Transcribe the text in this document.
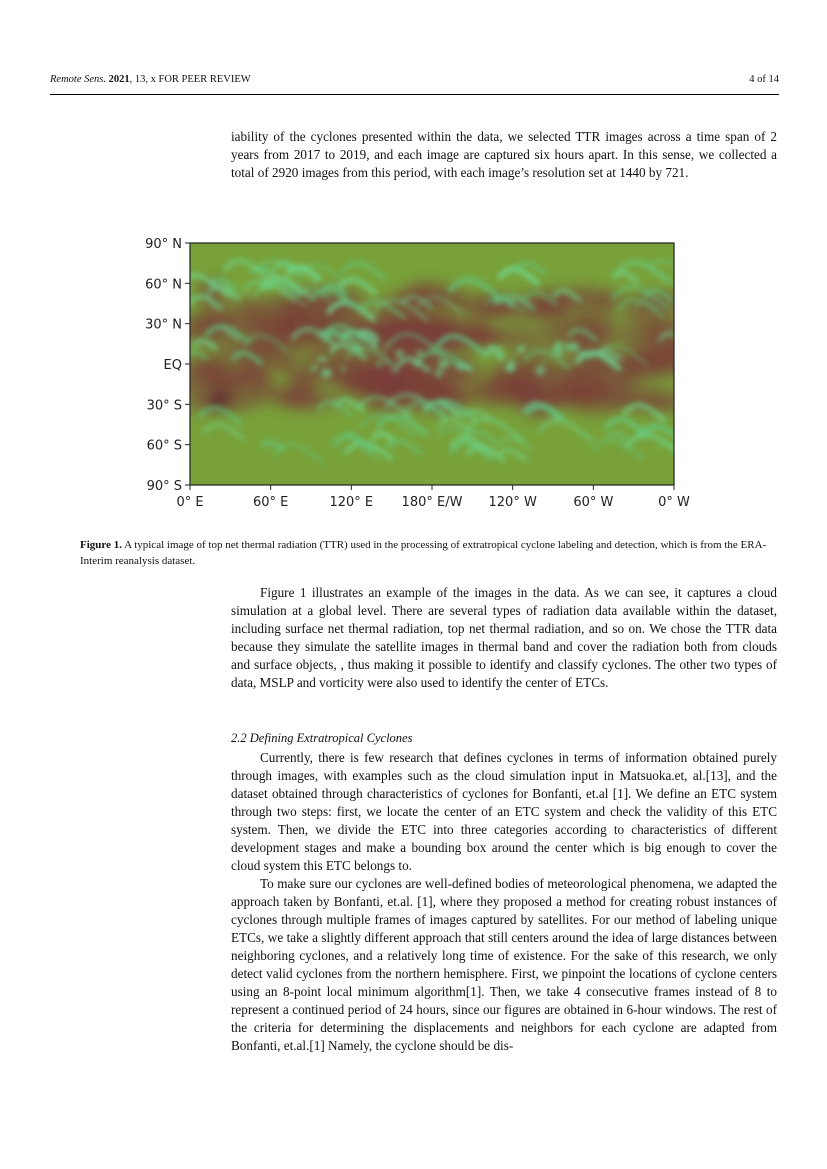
Remote Sens. 2021, 13, x FOR PEER REVIEW	4 of 14

iability of the cyclones presented within the data, we selected TTR images across a time span of 2 years from 2017 to 2019, and each image are captured six hours apart. In this sense, we collected a total of 2920 images from this period, with each image’s resolution set at 1440 by 721.

90° N
60° N
30° N
EQ
30° S
60° S
90° S
0° E	60° E	120° E 180° E/W 120° W	60° W	0° W
Figure 1. A typical image of top net thermal radiation (TTR) used in the processing of extratropical cyclone labeling and detection, which is from the ERA-Interim reanalysis dataset.

Figure 1 illustrates an example of the images in the data. As we can see, it captures a cloud simulation at a global level. There are several types of radiation data available within the dataset, including surface net thermal radiation, top net thermal radiation, and so on. We chose the TTR data because they simulate the satellite images in thermal band and cover the radiation both from clouds and surface objects, , thus making it possible to identify and classify cyclones. The other two types of data, MSLP and vorticity were also used to identify the center of ETCs.

2.2 Defining Extratropical Cyclones

Currently, there is few research that defines cyclones in terms of information obtained purely through images, with examples such as the cloud simulation input in Matsuoka.et, al.[13], and the dataset obtained through characteristics of cyclones for Bonfanti, et.al [1]. We define an ETC system through two steps: first, we locate the center of an ETC system and check the validity of this ETC system. Then, we divide the ETC into three categories according to characteristics of different development stages and make a bounding box around the center which is big enough to cover the cloud system this ETC belongs to.

To make sure our cyclones are well-defined bodies of meteorological phenomena, we adapted the approach taken by Bonfanti, et.al. [1], where they proposed a method for creating robust instances of cyclones through multiple frames of images captured by satellites. For our method of labeling unique ETCs, we take a slightly different approach that still centers around the idea of large distances between neighboring cyclones, and a relatively long time of existence. For the sake of this research, we only detect valid cyclones from the northern hemisphere. First, we pinpoint the locations of cyclone centers using an 8-point local minimum algorithm[1]. Then, we take 4 consecutive frames instead of 8 to represent a continued period of 24 hours, since our figures are obtained in 6-hour windows. The rest of the criteria for determining the displacements and neighbors for each cyclone are adapted from Bonfanti, et.al.[1] Namely, the cyclone should be dis-
